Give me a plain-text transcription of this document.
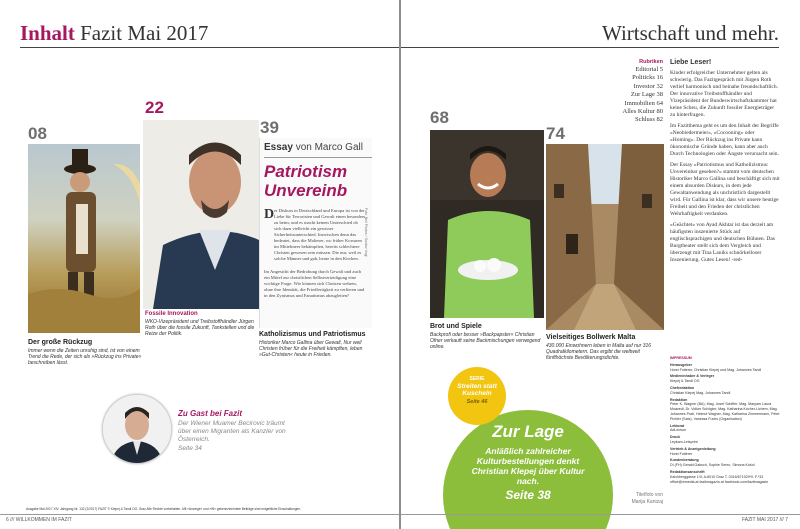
Inhalt Fazit Mai 2017
08
Der große Rückzug
Immer wenn die Zeiten unruhig sind, ist von einem Trend die Rede, der sich als »Rückzug ins Private« beschreiben lässt.
22
Fossile Innovation
WKO-Vizepräsident und Treibstoffhändler Jürgen Roth über die fossile Zukunft, Tankstellen und die Reize der Politik.
39
Essay von Marco Gall
Patriotism
Unvereinb
D er Diskurs in Deutschland und Europa ist von der Liebe für Terroristen und Gewalt einen besonders zu beim; und es macht keinen Unterschied ob sich dazu vielleicht ein gewisser Sicherheitsunterschied. Inzwischen denn das bedeutet, dass die Malteser, wo früher Korsaren im Mittelmeer bekämpften, bereits schlechtere Christen gewesen sein müssen. Die nur, weil es solche Männer und gab, heute in den Kirchen.
Im Angesicht der Bedrohung durch Gewalt und auch ein Mittel zur christlichen Selbstverteidigung eine wichtige Frage. Wie können sich Christen wehren, ohne ihre Identität, die Friedfertigkeit zu verlieren und in den Zynismus und Fanatismus abzugleiten?
Foto: Beil Photos / Gustav Vogl
Katholizismus und Patriotismus
Historiker Marco Gallina über Gewalt, Nur weil Christen früher für die Freiheit kämpften, leben »Gut-Christen« heute in Frieden.
Zu Gast bei Fazit
Der Wiener Muamer Becirovic träumt über einen Migranten als Kanzler von Österreich.
Seite 34
Ausgabe Mai 2017 XIV. Jahrgang Nr. 132 (2/2017) FAZIT © Klepej & Tandl OG, Graz Alle Rechte vorbehalten. Mit »Anzeige« und »W« gekennzeichnete Beiträge sind entgeltliche Einschaltungen.
6 /// WILLKOMMEN IM FAZIT
Wirtschaft und mehr.
Rubriken
Editorial 5
Politicks 16
Investor 32
Zur Lage 38
Immobilien 64
Alles Kultur 80
Schluss 82
Liebe Leser!
Kinder erfolgreicher Unternehmer gelten als schwierig. Das Fazitgespräch mit Jürgen Roth verlief harmonisch und beinahe freundschaftlich. Der innovative Treibstoffhändler und Vizepräsident der Bundeswirtschaftskammer hat keine Scheu, die Zukunft fossiler Energieträger zu hinterfragen.
Im Fazitthema geht es um den Inhalt der Begriffe »Neobiedermeier«, »Cocooning« oder »Homing«. Der Rückzug ins Private kann ökonomische Gründe haben, kann aber auch Durch Technologien oder Ängste verursacht sein.
Der Essay »Patriotismus und Katholizismus: Unvereinbar gesehen?« stammt vom deutschen Historiker Marco Gallina und beschäftigt sich mit einem absurden Diskurs, in dem jede Gewaltanwendung als unchristlich dargestellt wird. Für Gallina ist klar, dass wir unsere heutige Freiheit und den Frieden der christlichen Wehrhaftigkeit verdanken.
»Geächtet« von Ayad Akhtar ist das derzeit am häufigsten inszenierte Stück auf englischsprachigen und deutschen Bühnen. Das Burgtheater stellt sich dem Vergleich und überzeugt mit Tina Laniks schnörkelloser Inszenierung. Gutes Lesen! -red-
68
Brot und Spiele
Backprofi oder besser »Backpapster« Christian Ofner verkauft seine Backmischungen verwegend online.
74
Vielseitiges Bollwerk Malta
430.000 Einwohnern leben in Malta auf nur 316 Quadratkilometern. Das ergibt die weltweit fünfthöchste Bevölkerungsdichte.	IMPRESSUM
Herausgeber
Horst Futterer, Christian Klepej und Mag. Johannes Tandl
Medieninhaber & Verleger
Klepej & Tandl OG
Chefredaktion
Christian Klepej Mag. Johannes Tandl
Redaktion
Peter K. Wagner (BA), Mag. Josef Schiffer, Mag. Maryam Laura Moazedi, Dr. Volker Schögler, Mag. Katharina Kocher-Lichem, Mag. Johannes Pratl, Helmut Wagner, Mag. Katharina Zimmermann, Peter Pichler (Satz), Vanessa Fuchs (Organisation)
Lektorat
AdLectum
Druck
Leykam-Letsprint
Vertrieb & Anzeigenleitung
Horst Futterer
Kundenberatung
DI (FH) Gerald Gaksch, Sophie Serec, Simona Kokol
Redaktionsanschrift
Kalchberggasse 1/II, A-8010 Graz T. 0316/671929*0. F.*33 office@wmedia.at fazitmagazin.at facebook.com/fazitmagazin
Zur Lage
Anläßlich zahlreicher Kulturbestellungen denkt Christian Klepej über Kultur nach.
Seite 38
SERIE
Streiten statt
Kuscheln
Seite 46
Titelfoto von
Marija Kanizaj
FAZIT MAI 2017 /// 7
